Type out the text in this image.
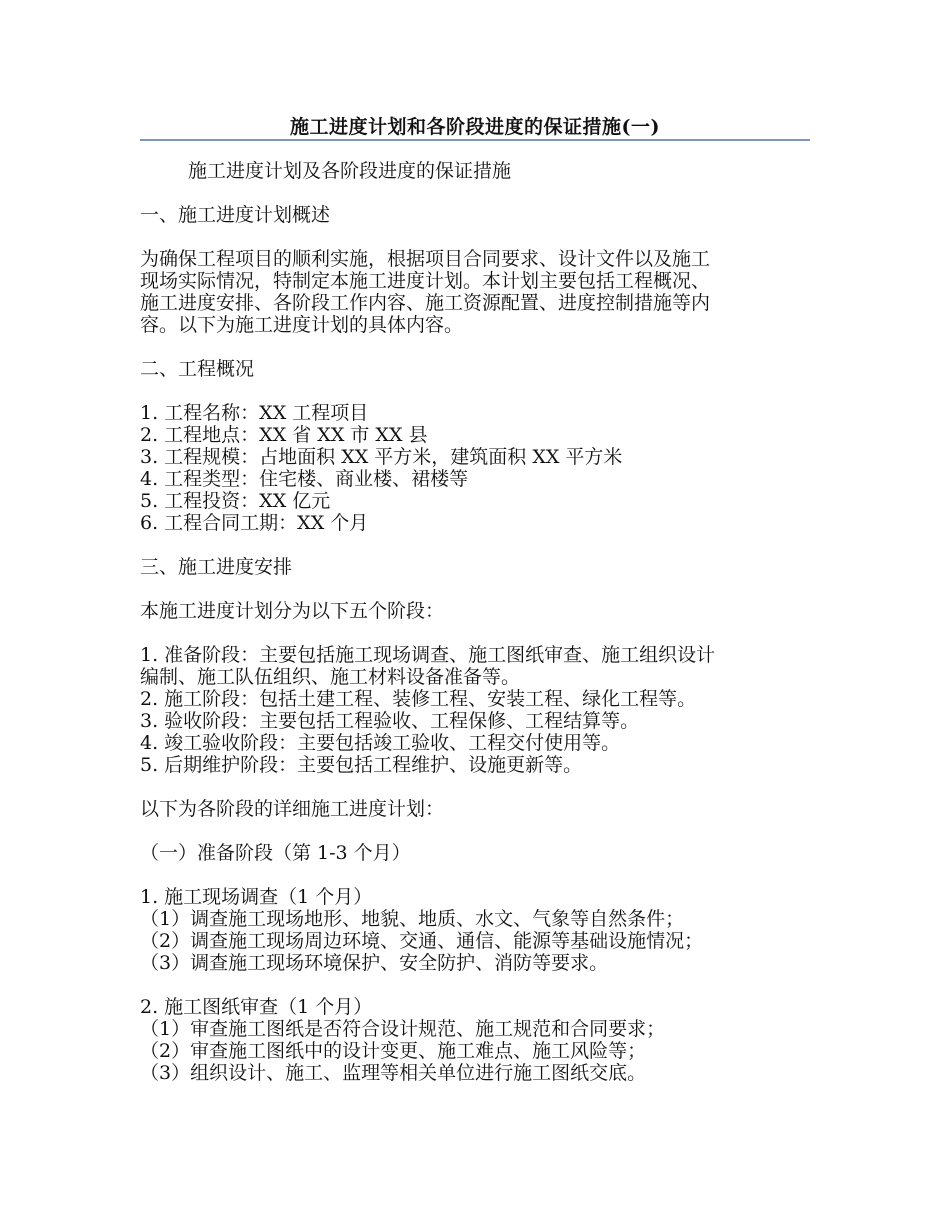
施工进度计划和各阶段进度的保证措施(一)

施工进度计划及各阶段进度的保证措施

一、施工进度计划概述

为确保工程项目的顺利实施，根据项目合同要求、设计文件以及施工

现场实际情况，特制定本施工进度计划。本计划主要包括工程概况、

施工进度安排、各阶段工作内容、施工资源配置、进度控制措施等内

容。以下为施工进度计划的具体内容。

二、工程概况

1. 工程名称：XX 工程项目

2. 工程地点：XX 省 XX 市 XX 县

3. 工程规模：占地面积 XX 平方米，建筑面积 XX 平方米

4. 工程类型：住宅楼、商业楼、裙楼等

5. 工程投资：XX 亿元

6. 工程合同工期：XX 个月

三、施工进度安排

本施工进度计划分为以下五个阶段：

1. 准备阶段：主要包括施工现场调查、施工图纸审查、施工组织设计

编制、施工队伍组织、施工材料设备准备等。

2. 施工阶段：包括土建工程、装修工程、安装工程、绿化工程等。

3. 验收阶段：主要包括工程验收、工程保修、工程结算等。

4. 竣工验收阶段：主要包括竣工验收、工程交付使用等。

5. 后期维护阶段：主要包括工程维护、设施更新等。

以下为各阶段的详细施工进度计划：

（一）准备阶段（第 1-3 个月）

1. 施工现场调查（1 个月）

（1）调查施工现场地形、地貌、地质、水文、气象等自然条件；

（2）调查施工现场周边环境、交通、通信、能源等基础设施情况；

（3）调查施工现场环境保护、安全防护、消防等要求。

2. 施工图纸审查（1 个月）

（1）审查施工图纸是否符合设计规范、施工规范和合同要求；

（2）审查施工图纸中的设计变更、施工难点、施工风险等；

（3）组织设计、施工、监理等相关单位进行施工图纸交底。
